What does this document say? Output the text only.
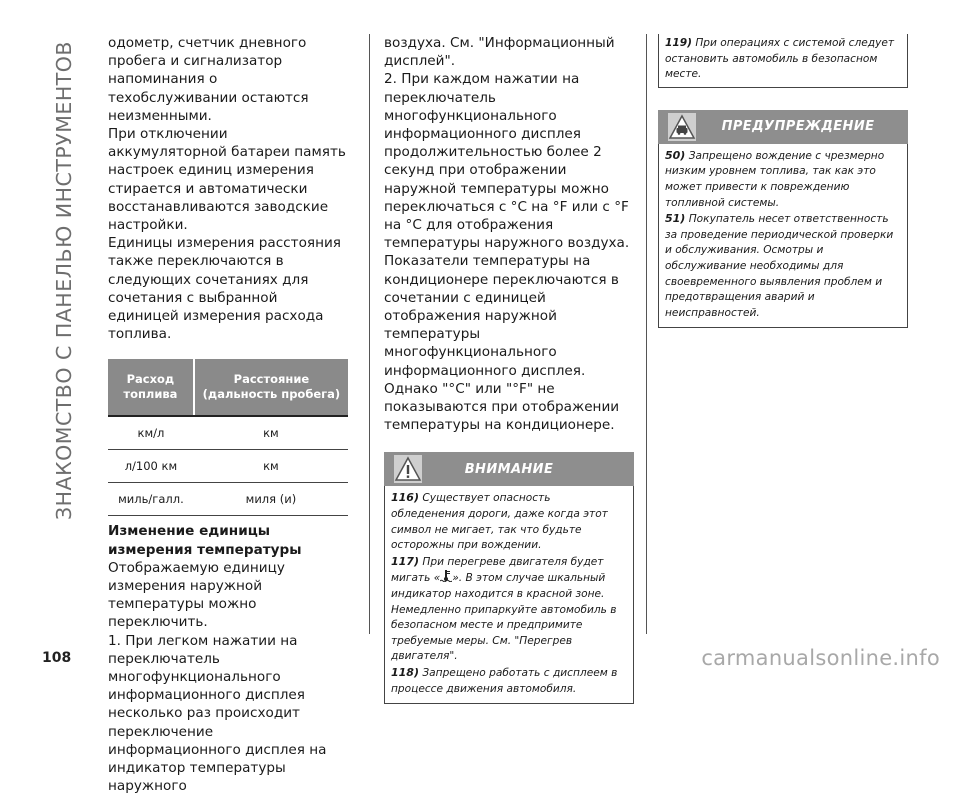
ЗНАКОМСТВО С ПАНЕЛЬЮ ИНСТРУМЕНТОВ
108

одометр, счетчик дневного пробега и сигнализатор напоминания о техобслуживании остаются неизменными.

При отключении аккумуляторной батареи память настроек единиц измерения стирается и автоматически восстанавливаются заводские настройки.

Единицы измерения расстояния также переключаются в следующих сочетаниях для сочетания с выбранной единицей измерения расхода топлива.

Расход топлива	Расстояние (дальность пробега)
км/л	км
л/100 км	км
миль/галл.	миля (и)

Изменение единицы измерения температуры

Отображаемую единицу измерения наружной температуры можно переключить.

1. При легком нажатии на переключатель многофункционального информационного дисплея несколько раз происходит переключение информационного дисплея на индикатор температуры наружного

воздуха. См. "Информационный дисплей".

2. При каждом нажатии на переключатель многофункционального информационного дисплея продолжительностью более 2 секунд при отображении наружной температуры можно переключаться с °C на °F или с °F на °C для отображения температуры наружного воздуха.

Показатели температуры на кондиционере переключаются в сочетании с единицей отображения наружной температуры многофункционального информационного дисплея. Однако "°C" или "°F" не показываются при отображении температуры на кондиционере.

ВНИМАНИЕ

116) Существует опасность обледенения дороги, даже когда этот символ не мигает, так что будьте осторожны при вождении.

117) При перегреве двигателя будет мигать « ». В этом случае шкальный индикатор находится в красной зоне. Немедленно припаркуйте автомобиль в безопасном месте и предпримите требуемые меры. См. "Перегрев двигателя".

118) Запрещено работать с дисплеем в процессе движения автомобиля.

119) При операциях с системой следует остановить автомобиль в безопасном месте.

ПРЕДУПРЕЖДЕНИЕ

50) Запрещено вождение с чрезмерно низким уровнем топлива, так как это может привести к повреждению топливной системы.

51) Покупатель несет ответственность за проведение периодической проверки и обслуживания. Осмотры и обслуживание необходимы для своевременного выявления проблем и предотвращения аварий и неисправностей.

carmanualsonline.info
